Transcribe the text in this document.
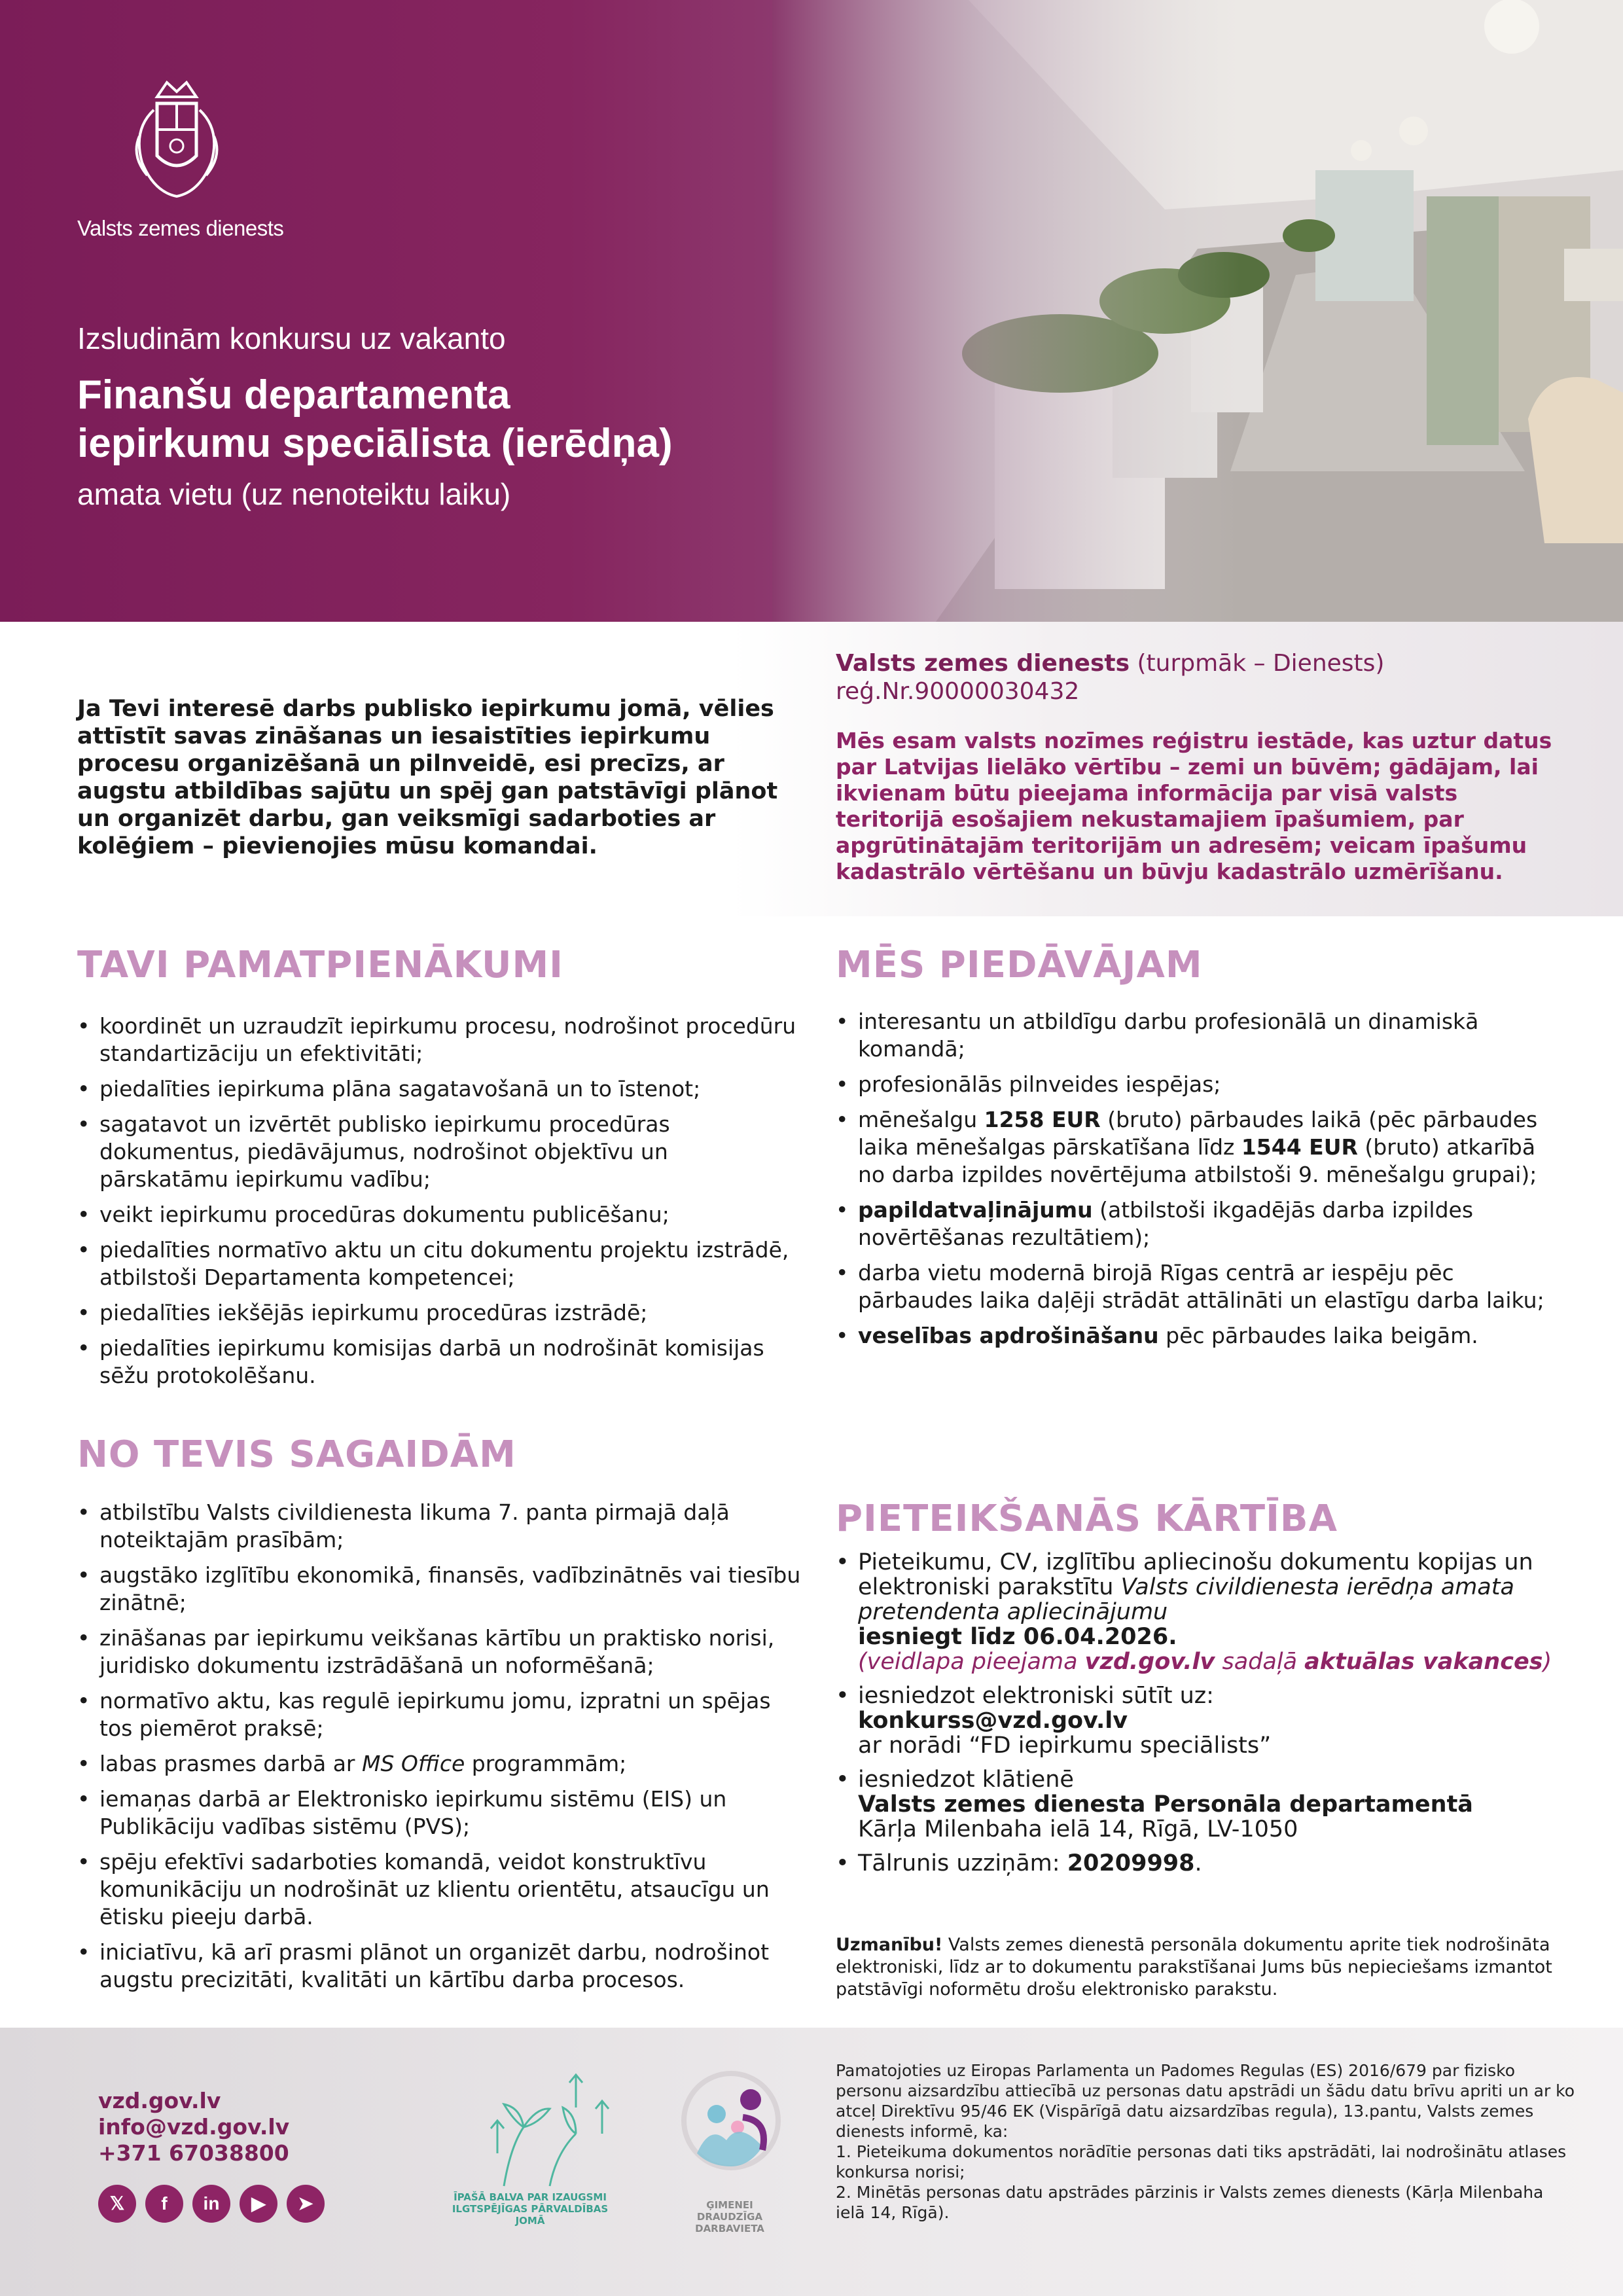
Valsts zemes dienests
Izsludinām konkursu uz vakanto
Finanšu departamenta
iepirkumu speciālista (ierēdņa)
amata vietu (uz nenoteiktu laiku)
Ja Tevi interesē darbs publisko iepirkumu jomā, vēlies attīstīt savas zināšanas un iesaistīties iepirkumu procesu organizēšanā un pilnveidē, esi precīzs, ar augstu atbildības sajūtu un spēj gan patstāvīgi plānot un organizēt darbu, gan veiksmīgi sadarboties ar kolēģiem – pievienojies mūsu komandai.
Valsts zemes dienests (turpmāk – Dienests)
reģ.Nr.90000030432
Mēs esam valsts nozīmes reģistru iestāde, kas uztur datus par Latvijas lielāko vērtību – zemi un būvēm; gādājam, lai ikvienam būtu pieejama informācija par visā valsts teritorijā esošajiem nekustamajiem īpašumiem, par apgrūtinātajām teritorijām un adresēm; veicam īpašumu kadastrālo vērtēšanu un būvju kadastrālo uzmērīšanu.
TAVI PAMATPIENĀKUMI
• koordinēt un uzraudzīt iepirkumu procesu, nodrošinot procedūru standartizāciju un efektivitāti;
• piedalīties iepirkuma plāna sagatavošanā un to īstenot;
• sagatavot un izvērtēt publisko iepirkumu procedūras dokumentus, piedāvājumus, nodrošinot objektīvu un pārskatāmu iepirkumu vadību;
• veikt iepirkumu procedūras dokumentu publicēšanu;
• piedalīties normatīvo aktu un citu dokumentu projektu izstrādē, atbilstoši Departamenta kompetencei;
• piedalīties iekšējās iepirkumu procedūras izstrādē;
• piedalīties iepirkumu komisijas darbā un nodrošināt komisijas sēžu protokolēšanu.
NO TEVIS SAGAIDĀM
• atbilstību Valsts civildienesta likuma 7. panta pirmajā daļā noteiktajām prasībām;
• augstāko izglītību ekonomikā, finansēs, vadībzinātnēs vai tiesību zinātnē;
• zināšanas par iepirkumu veikšanas kārtību un praktisko norisi, juridisko dokumentu izstrādāšanā un noformēšanā;
• normatīvo aktu, kas regulē iepirkumu jomu, izpratni un spējas tos piemērot praksē;
• labas prasmes darbā ar MS Office programmām;
• iemaņas darbā ar Elektronisko iepirkumu sistēmu (EIS) un Publikāciju vadības sistēmu (PVS);
• spēju efektīvi sadarboties komandā, veidot konstruktīvu komunikāciju un nodrošināt uz klientu orientētu, atsaucīgu un ētisku pieeju darbā.
• iniciatīvu, kā arī prasmi plānot un organizēt darbu, nodrošinot augstu precizitāti, kvalitāti un kārtību darba procesos.
MĒS PIEDĀVĀJAM
• interesantu un atbildīgu darbu profesionālā un dinamiskā komandā;
• profesionālās pilnveides iespējas;
• mēnešalgu 1258 EUR (bruto) pārbaudes laikā (pēc pārbaudes laika mēnešalgas pārskatīšana līdz 1544 EUR (bruto) atkarībā no darba izpildes novērtējuma atbilstoši 9. mēnešalgu grupai);
• papildatvaļinājumu (atbilstoši ikgadējās darba izpildes novērtēšanas rezultātiem);
• darba vietu modernā birojā Rīgas centrā ar iespēju pēc pārbaudes laika daļēji strādāt attālināti un elastīgu darba laiku;
• veselības apdrošināšanu pēc pārbaudes laika beigām.
PIETEIKŠANĀS KĀRTĪBA
• Pieteikumu, CV, izglītību apliecinošu dokumentu kopijas un elektroniski parakstītu Valsts civildienesta ierēdņa amata pretendenta apliecinājumu
iesniegt līdz 06.04.2026.
(veidlapa pieejama vzd.gov.lv sadaļā aktuālas vakances)
• iesniedzot elektroniski sūtīt uz:
konkurss@vzd.gov.lv
ar norādi “FD iepirkumu speciālists”
• iesniedzot klātienē
Valsts zemes dienesta Personāla departamentā
Kārļa Milenbaha ielā 14, Rīgā, LV-1050
• Tālrunis uzziņām: 20209998.
Uzmanību! Valsts zemes dienestā personāla dokumentu aprite tiek nodrošināta elektroniski, līdz ar to dokumentu parakstīšanai Jums būs nepieciešams izmantot patstāvīgi noformētu drošu elektronisko parakstu.
vzd.gov.lv
info@vzd.gov.lv
+371 67038800
𝕏	f	in	▶	➤	ĪPAŠĀ BALVA PAR IZAUGSMI ILGTSPĒJĪGAS PĀRVALDĪBAS JOMĀ
ĢIMENEI DRAUDZĪGA DARBAVIETA
Pamatojoties uz Eiropas Parlamenta un Padomes Regulas (ES) 2016/679 par fizisko personu aizsardzību attiecībā uz personas datu apstrādi un šādu datu brīvu apriti un ar ko atceļ Direktīvu 95/46 EK (Vispārīgā datu aizsardzības regula), 13.pantu, Valsts zemes dienests informē, ka:
1. Pieteikuma dokumentos norādītie personas dati tiks apstrādāti, lai nodrošinātu atlases konkursa norisi;
2. Minētās personas datu apstrādes pārzinis ir Valsts zemes dienests (Kārļa Milenbaha ielā 14, Rīgā).
